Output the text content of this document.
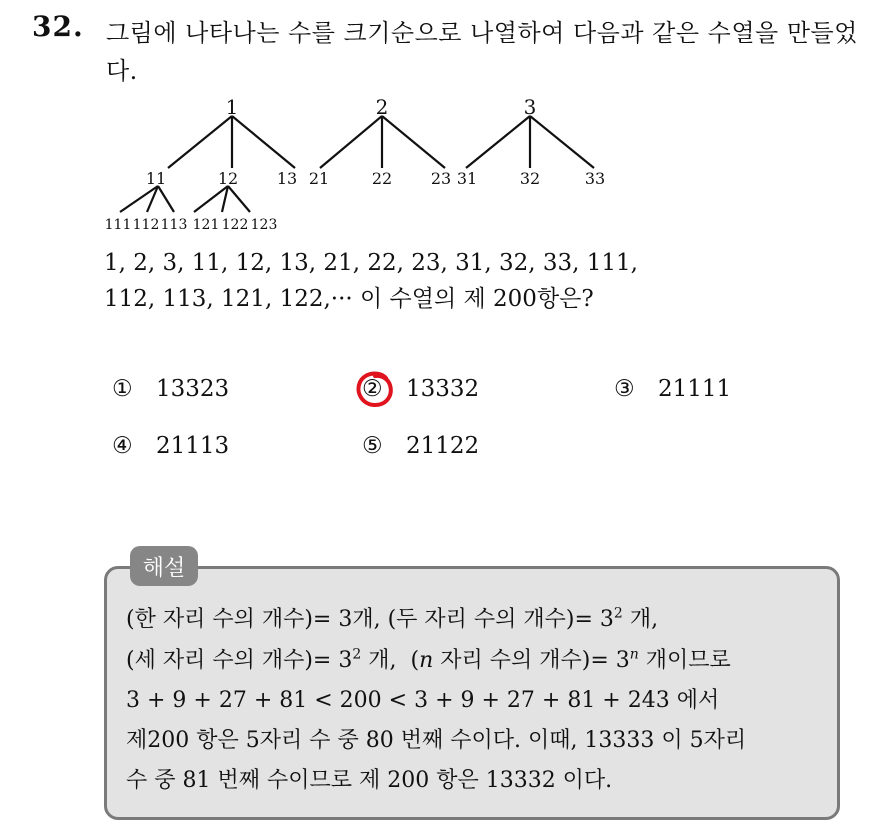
32. 그림에 나타나는 수를 크기순으로 나열하여 다음과 같은 수열을 만들었다.
1	2	3
11	12 13 21	22 23 31	32	33
111 112 113 121 122 123
1, 2, 3, 11, 12, 13, 21, 22, 23, 31, 32, 33, 111,
112, 113, 121, 122,··· 이 수열의 제 200항은?
① 13323	② 13332	③ 21111
④ 21113	⑤ 21122
해설
(한 자리 수의 개수)= 3개, (두 자리 수의 개수)= $3^2$ 개,
(세 자리 수의 개수)= $3^2$ 개,  (n 자리 수의 개수)= $3^n$ 개이므로
3 + 9 + 27 + 81 < 200 < 3 + 9 + 27 + 81 + 243 에서
제200 항은 5자리 수 중 80 번째 수이다. 이때, 13333 이 5자리
수 중 81 번째 수이므로 제 200 항은 13332 이다.
